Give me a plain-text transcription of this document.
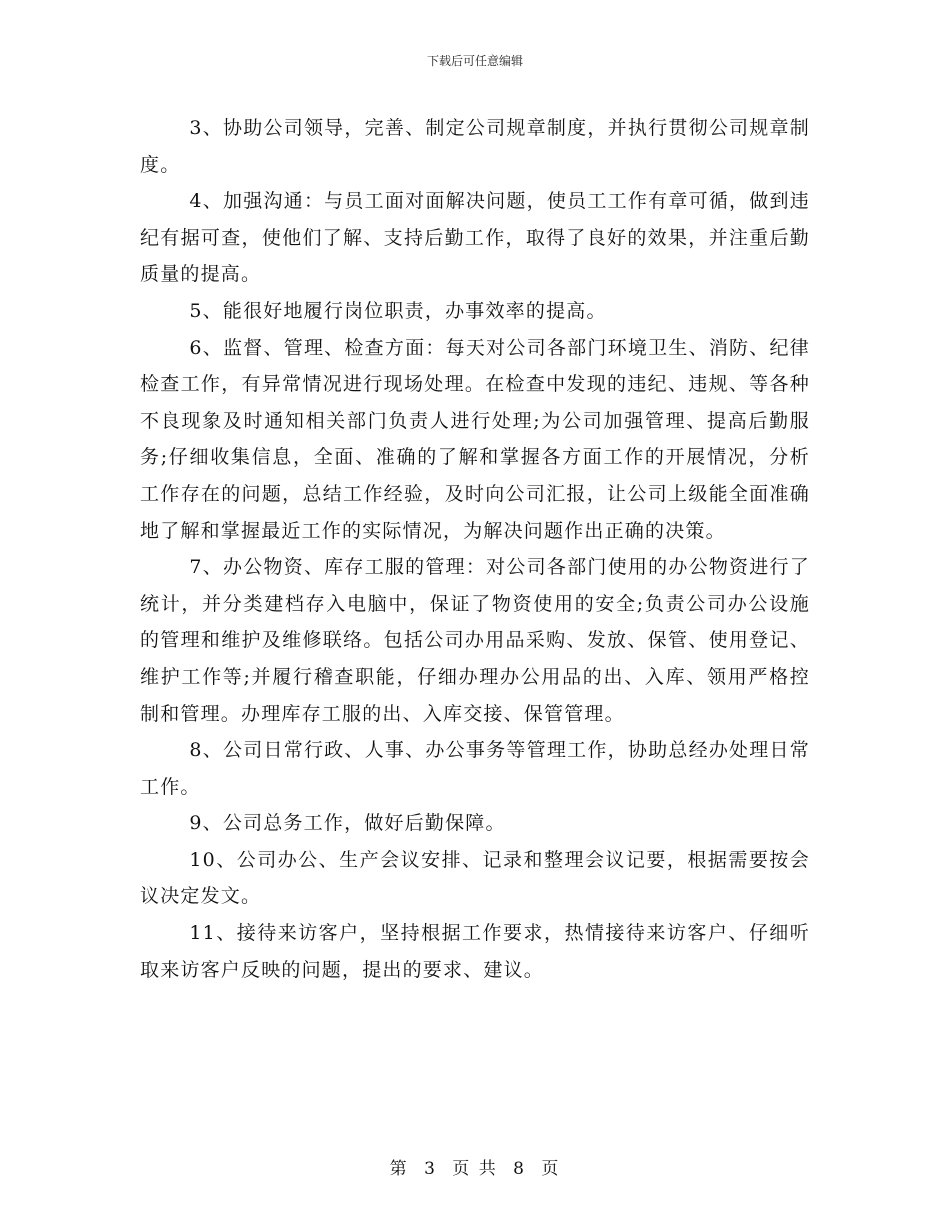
下载后可任意编辑

3、协助公司领导，完善、制定公司规章制度，并执行贯彻公司规章制度。

4、加强沟通：与员工面对面解决问题，使员工工作有章可循，做到违纪有据可查，使他们了解、支持后勤工作，取得了良好的效果，并注重后勤质量的提高。

5、能很好地履行岗位职责，办事效率的提高。

6、监督、管理、检查方面：每天对公司各部门环境卫生、消防、纪律检查工作，有异常情况进行现场处理。在检查中发现的违纪、违规、等各种不良现象及时通知相关部门负责人进行处理;为公司加强管理、提高后勤服务;仔细收集信息，全面、准确的了解和掌握各方面工作的开展情况，分析工作存在的问题，总结工作经验，及时向公司汇报，让公司上级能全面准确地了解和掌握最近工作的实际情况，为解决问题作出正确的决策。

7、办公物资、库存工服的管理：对公司各部门使用的办公物资进行了统计，并分类建档存入电脑中，保证了物资使用的安全;负责公司办公设施的管理和维护及维修联络。包括公司办用品采购、发放、保管、使用登记、维护工作等;并履行稽查职能，仔细办理办公用品的出、入库、领用严格控制和管理。办理库存工服的出、入库交接、保管管理。

8、公司日常行政、人事、办公事务等管理工作，协助总经办处理日常工作。

9、公司总务工作，做好后勤保障。

10、公司办公、生产会议安排、记录和整理会议记要，根据需要按会议决定发文。

11、接待来访客户，坚持根据工作要求，热情接待来访客户、仔细听取来访客户反映的问题，提出的要求、建议。

第 3 页 共 8 页
